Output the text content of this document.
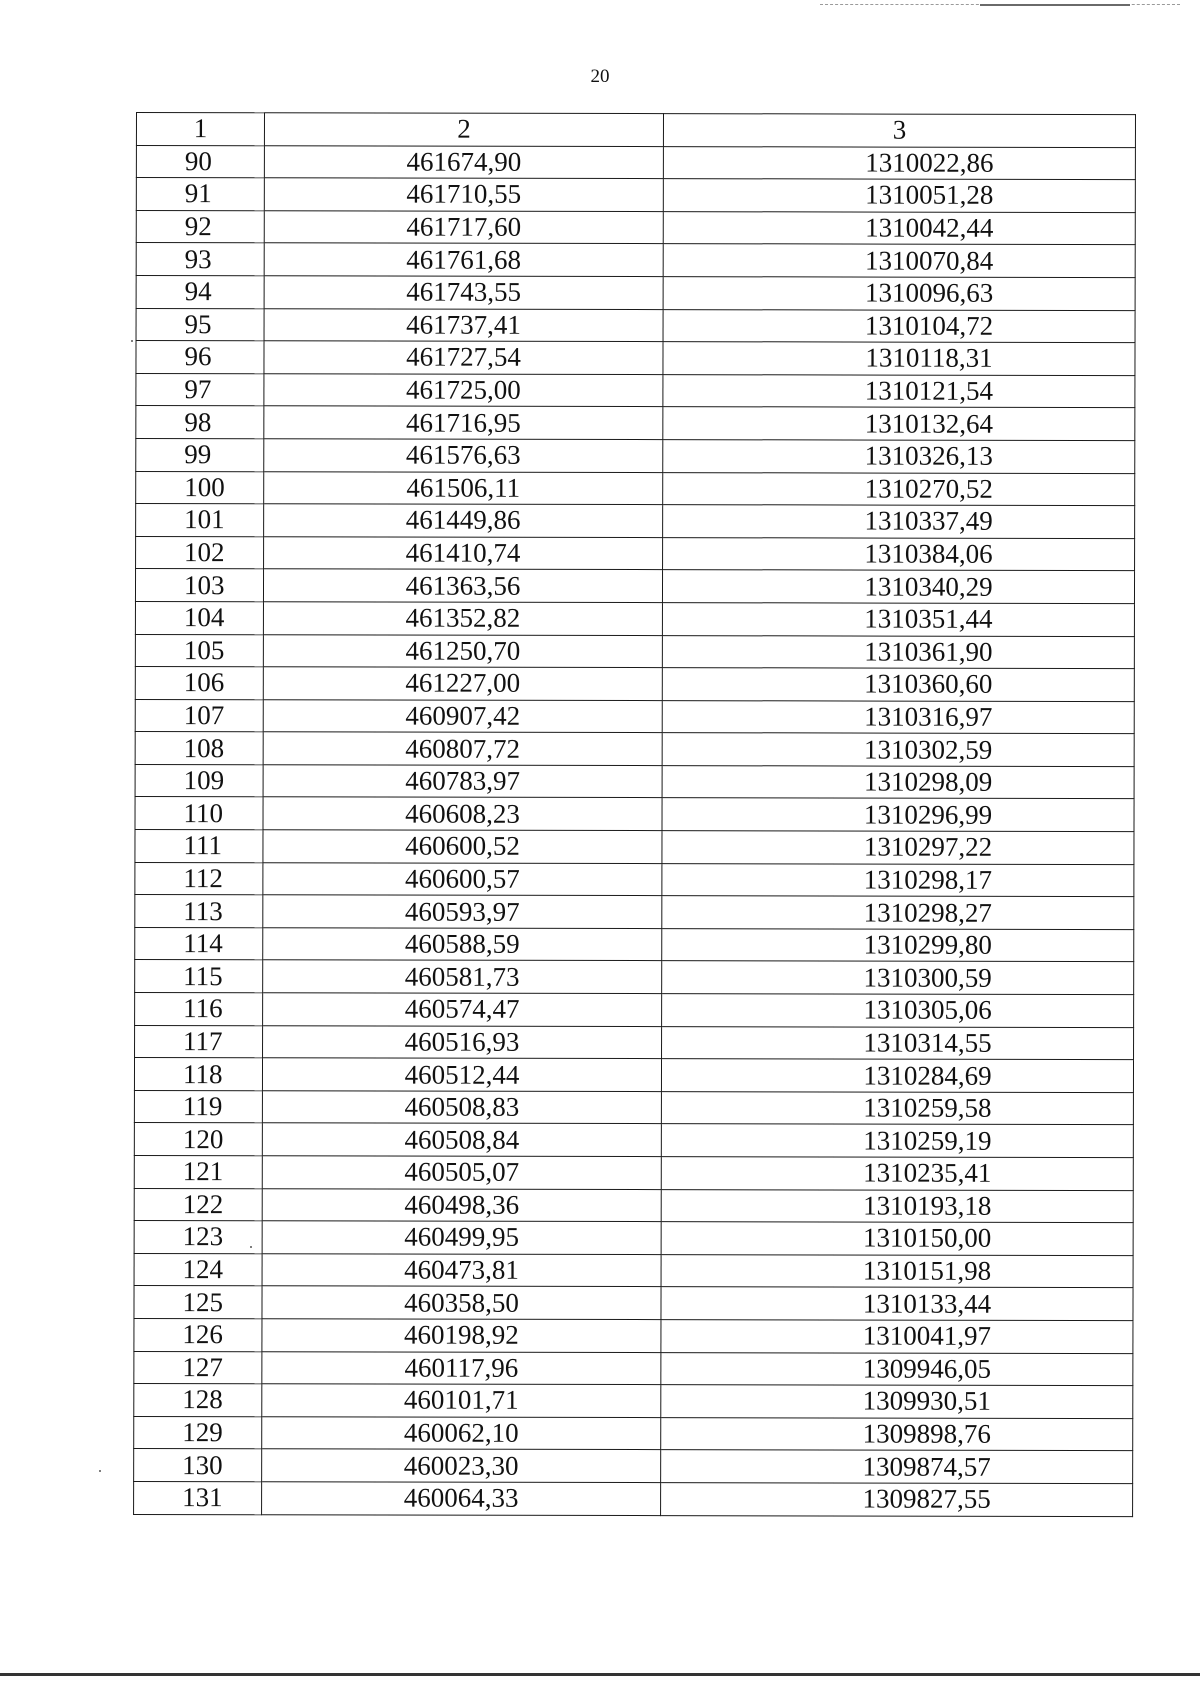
20
1	2	3
90	461674,90	1310022,86
91	461710,55	1310051,28
92	461717,60	1310042,44
93	461761,68	1310070,84
94	461743,55	1310096,63
95	461737,41	1310104,72
96	461727,54	1310118,31
97	461725,00	1310121,54
98	461716,95	1310132,64
99	461576,63	1310326,13
100	461506,11	1310270,52
101	461449,86	1310337,49
102	461410,74	1310384,06
103	461363,56	1310340,29
104	461352,82	1310351,44
105	461250,70	1310361,90
106	461227,00	1310360,60
107	460907,42	1310316,97
108	460807,72	1310302,59
109	460783,97	1310298,09
110	460608,23	1310296,99
111	460600,52	1310297,22
112	460600,57	1310298,17
113	460593,97	1310298,27
114	460588,59	1310299,80
115	460581,73	1310300,59
116	460574,47	1310305,06
117	460516,93	1310314,55
118	460512,44	1310284,69
119	460508,83	1310259,58
120	460508,84	1310259,19
121	460505,07	1310235,41
122	460498,36	1310193,18
123	460499,95	1310150,00
124	460473,81	1310151,98
125	460358,50	1310133,44
126	460198,92	1310041,97
127	460117,96	1309946,05
128	460101,71	1309930,51
129	460062,10	1309898,76
130	460023,30	1309874,57
131	460064,33	1309827,55
